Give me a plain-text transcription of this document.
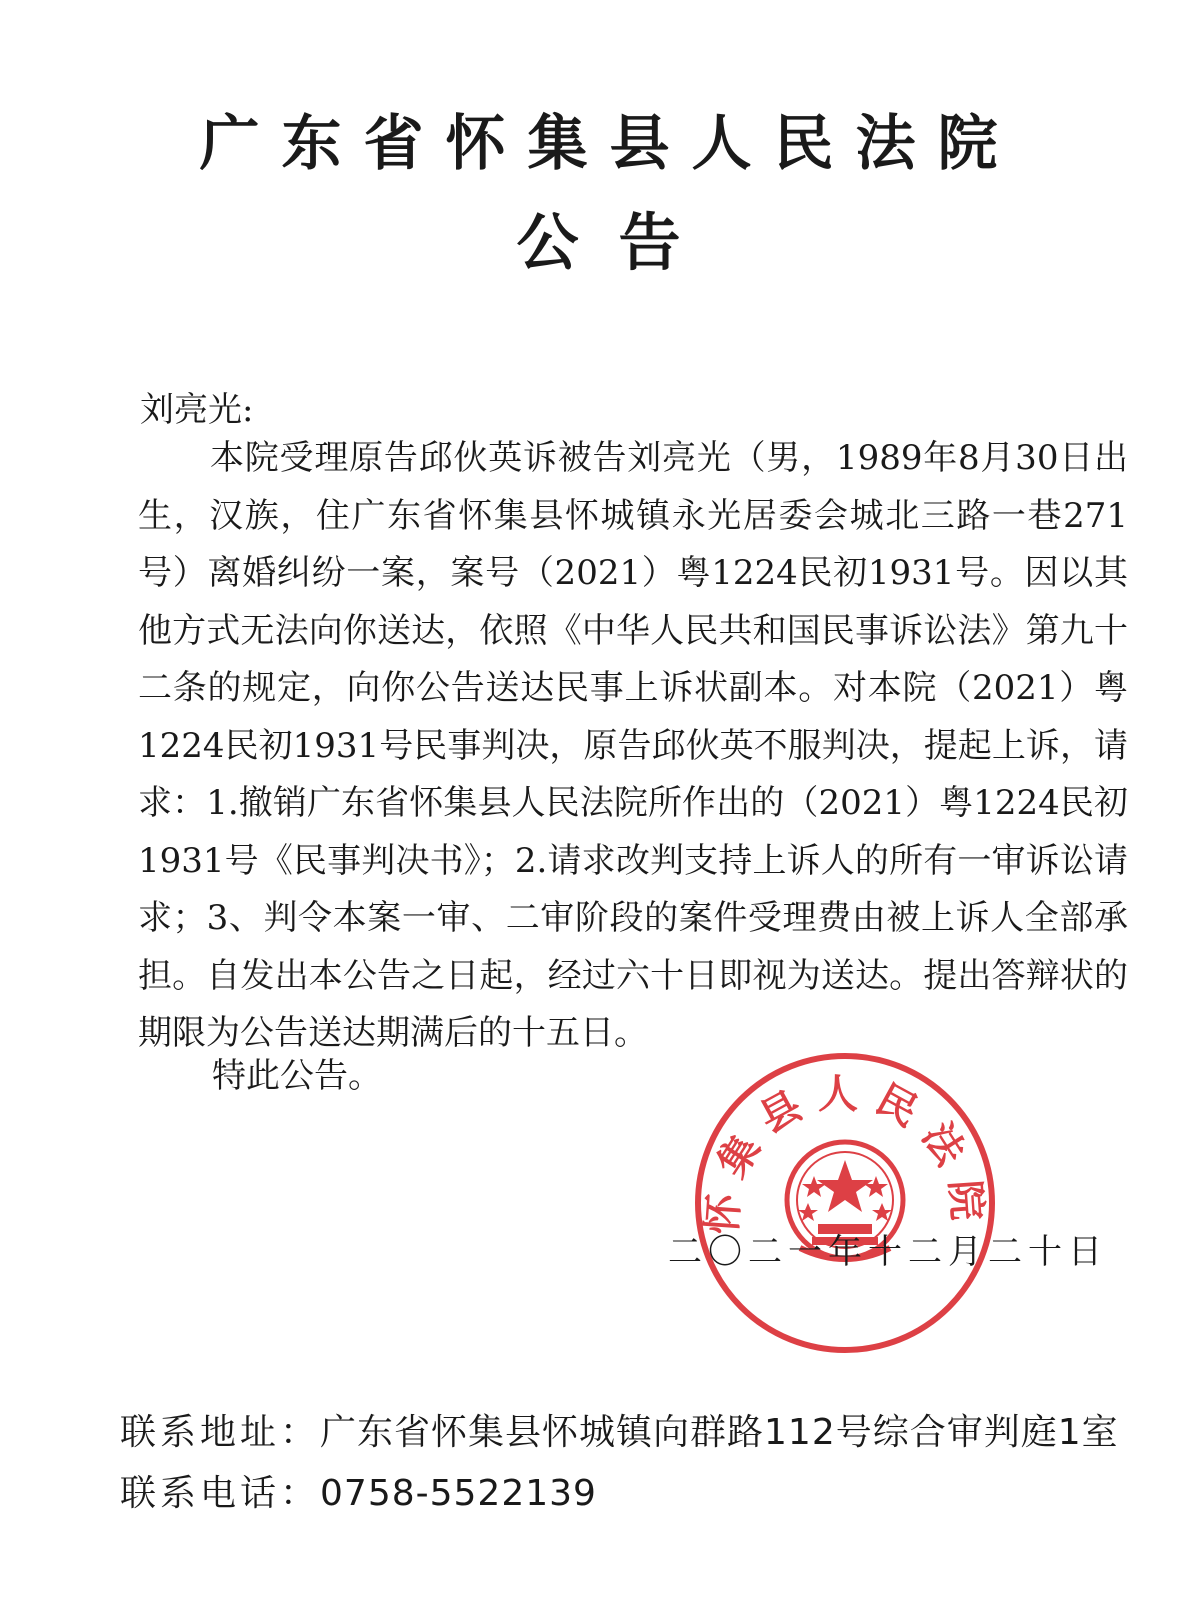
广东省怀集县人民法院
公告
刘亮光:

本院受理原告邱伙英诉被告刘亮光（男，1989年8月30日出生，汉族，住广东省怀集县怀城镇永光居委会城北三路一巷271号）离婚纠纷一案，案号（2021）粤1224民初1931号。因以其他方式无法向你送达，依照《中华人民共和国民事诉讼法》第九十二条的规定，向你公告送达民事上诉状副本。对本院（2021）粤1224民初1931号民事判决，原告邱伙英不服判决，提起上诉，请求：1.撤销广东省怀集县人民法院所作出的（2021）粤1224民初1931号《民事判决书》；2.请求改判支持上诉人的所有一审诉讼请求；3、判令本案一审、二审阶段的案件受理费由被上诉人全部承担。自发出本公告之日起，经过六十日即视为送达。提出答辩状的期限为公告送达期满后的十五日。

特此公告。
怀集县人民法院
二〇二一年十二月二十日
联系地址：广东省怀集县怀城镇向群路112号综合审判庭1室
联系电话：0758-5522139
